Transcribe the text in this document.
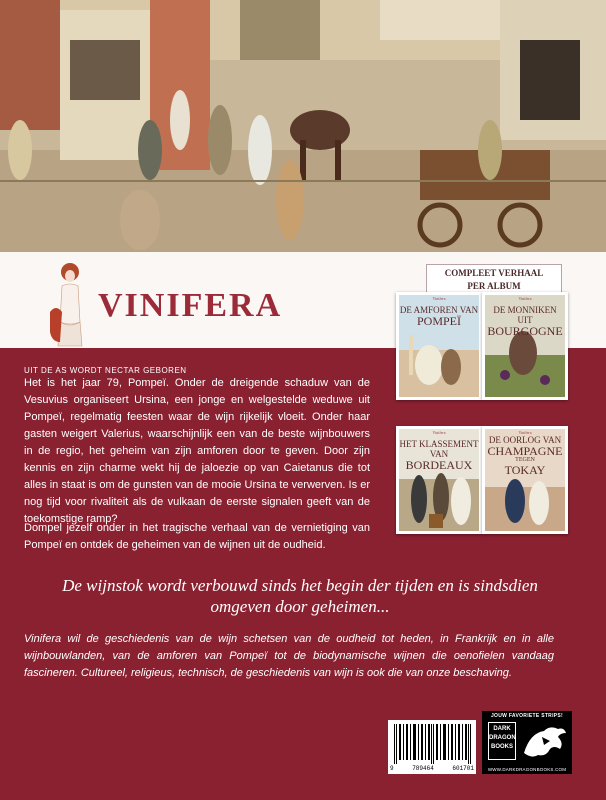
VINIFERA
COMPLEET VERHAAL
PER ALBUM
Vinifera
DE AMFOREN VAN
POMPEÏ
Vinifera
DE MONNIKEN UIT
BOURGOGNE
Vinifera
HET KLASSEMENT VAN
BORDEAUX
Vinifera
DE OORLOG VAN
CHAMPAGNE
TEGEN
TOKAY

UIT DE AS WORDT NECTAR GEBOREN

Het is het jaar 79, Pompeï. Onder de dreigende schaduw van de Vesuvius organiseert Ursina, een jonge en welgestelde weduwe uit Pompeï, regelmatig feesten waar de wijn rijkelijk vloeit. Onder haar gasten weigert Valerius, waarschijnlijk een van de beste wijnbouwers in de regio, het geheim van zijn amforen door te geven. Door zijn kennis en zijn charme wekt hij de jaloezie op van Caietanus die tot alles in staat is om de gunsten van de mooie Ursina te verwerven. Is er nog tijd voor rivaliteit als de vulkaan de eerste signalen geeft van de toekomstige ramp?

Dompel jezelf onder in het tragische verhaal van de vernietiging van Pompeï en ontdek de geheimen van de wijnen uit de oudheid.

De wijnstok wordt verbouwd sinds het begin der tijden en is sindsdien omgeven door geheimen...

Vinifera wil de geschiedenis van de wijn schetsen van de oudheid tot heden, in Frankrijk en in alle wijnbouwlanden, van de amforen van Pompeï tot de biodynamische wijnen die oenofielen vandaag fascineren. Cultureel, religieus, technisch, de geschiedenis van wijn is ook die van onze beschaving.

9	789464	601701
JOUW FAVORIETE STRIPS!
DARK
DRAGON
BOOKS
WWW.DARKDRAGONBOOKS.COM
